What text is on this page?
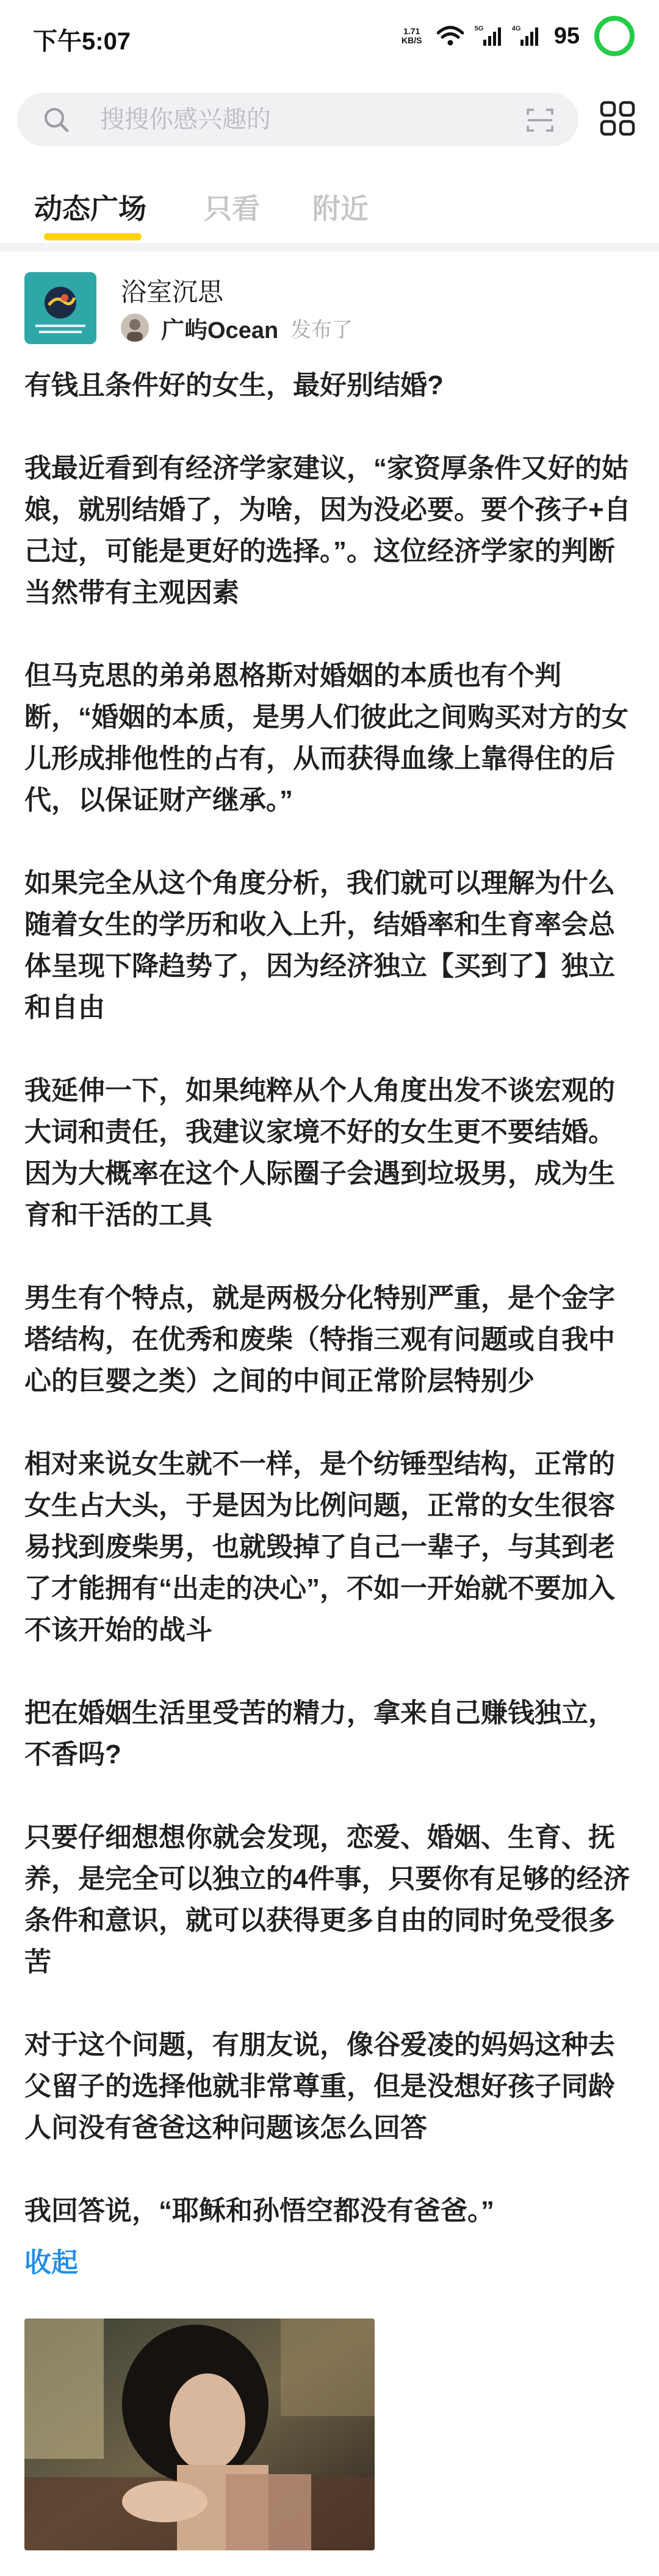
下午5:07	1.71
KB/S
5G	4G 95
搜搜你感兴趣的
动态广场 只看 附近
浴室沉思
广屿Ocean 发布了

有钱且条件好的女生，最好别结婚?

我最近看到有经济学家建议，“家资厚条件又好的姑娘，就别结婚了，为啥，因为没必要。要个孩子+自己过，可能是更好的选择。”。这位经济学家的判断当然带有主观因素

但马克思的弟弟恩格斯对婚姻的本质也有个判断，“婚姻的本质，是男人们彼此之间购买对方的女儿形成排他性的占有，从而获得血缘上靠得住的后代，以保证财产继承。”

如果完全从这个角度分析，我们就可以理解为什么随着女生的学历和收入上升，结婚率和生育率会总体呈现下降趋势了，因为经济独立【买到了】独立和自由

我延伸一下，如果纯粹从个人角度出发不谈宏观的大词和责任，我建议家境不好的女生更不要结婚。因为大概率在这个人际圈子会遇到垃圾男，成为生育和干活的工具

男生有个特点，就是两极分化特别严重，是个金字塔结构，在优秀和废柴（特指三观有问题或自我中心的巨婴之类）之间的中间正常阶层特别少

相对来说女生就不一样，是个纺锤型结构，正常的女生占大头，于是因为比例问题，正常的女生很容易找到废柴男，也就毁掉了自己一辈子，与其到老了才能拥有“出走的决心”，不如一开始就不要加入不该开始的战斗

把在婚姻生活里受苦的精力，拿来自己赚钱独立，不香吗?

只要仔细想想你就会发现，恋爱、婚姻、生育、抚养，是完全可以独立的4件事，只要你有足够的经济条件和意识，就可以获得更多自由的同时免受很多苦

对于这个问题，有朋友说，像谷爱凌的妈妈这种去父留子的选择他就非常尊重，但是没想好孩子同龄人问没有爸爸这种问题该怎么回答

我回答说，“耶稣和孙悟空都没有爸爸。”

收起
